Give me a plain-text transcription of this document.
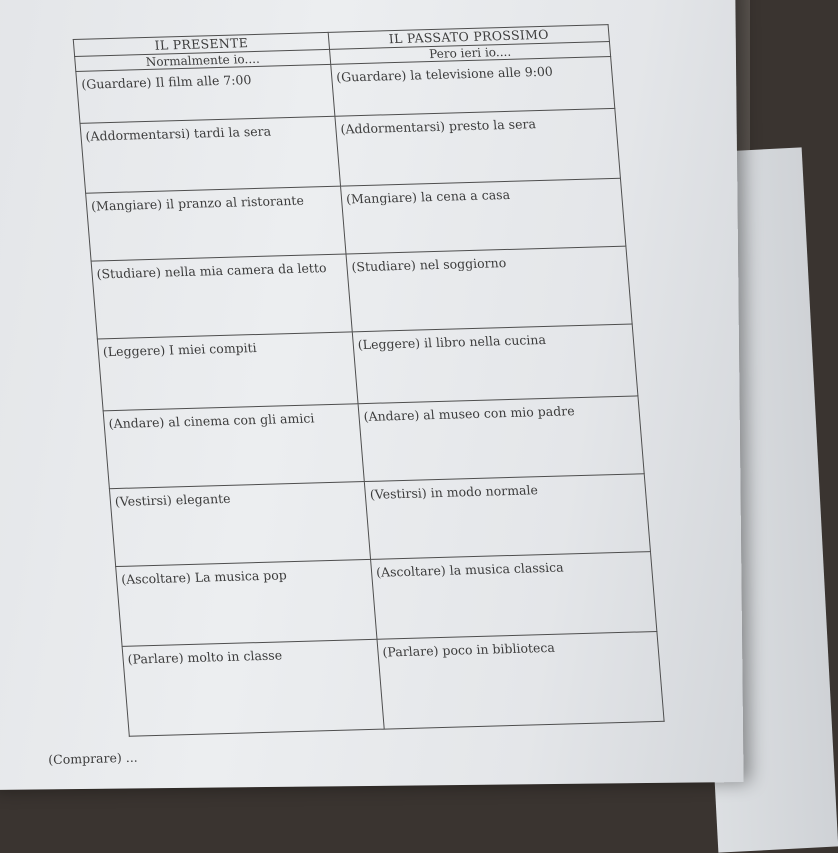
IL PRESENTE	IL PASSATO PROSSIMO
Normalmente io....	Pero ieri io....
(Guardare) Il film alle 7:00	(Guardare) la televisione alle 9:00
(Addormentarsi) tardi la sera	(Addormentarsi) presto la sera
(Mangiare) il pranzo al ristorante	(Mangiare) la cena a casa
(Studiare) nella mia camera da letto	(Studiare) nel soggiorno
(Leggere) I miei compiti	(Leggere) il libro nella cucina
(Andare) al cinema con gli amici	(Andare) al museo con mio padre
(Vestirsi) elegante	(Vestirsi) in modo normale
(Ascoltare) La musica pop	(Ascoltare) la musica classica
(Parlare) molto in classe	(Parlare) poco in biblioteca
(Comprare) ...
